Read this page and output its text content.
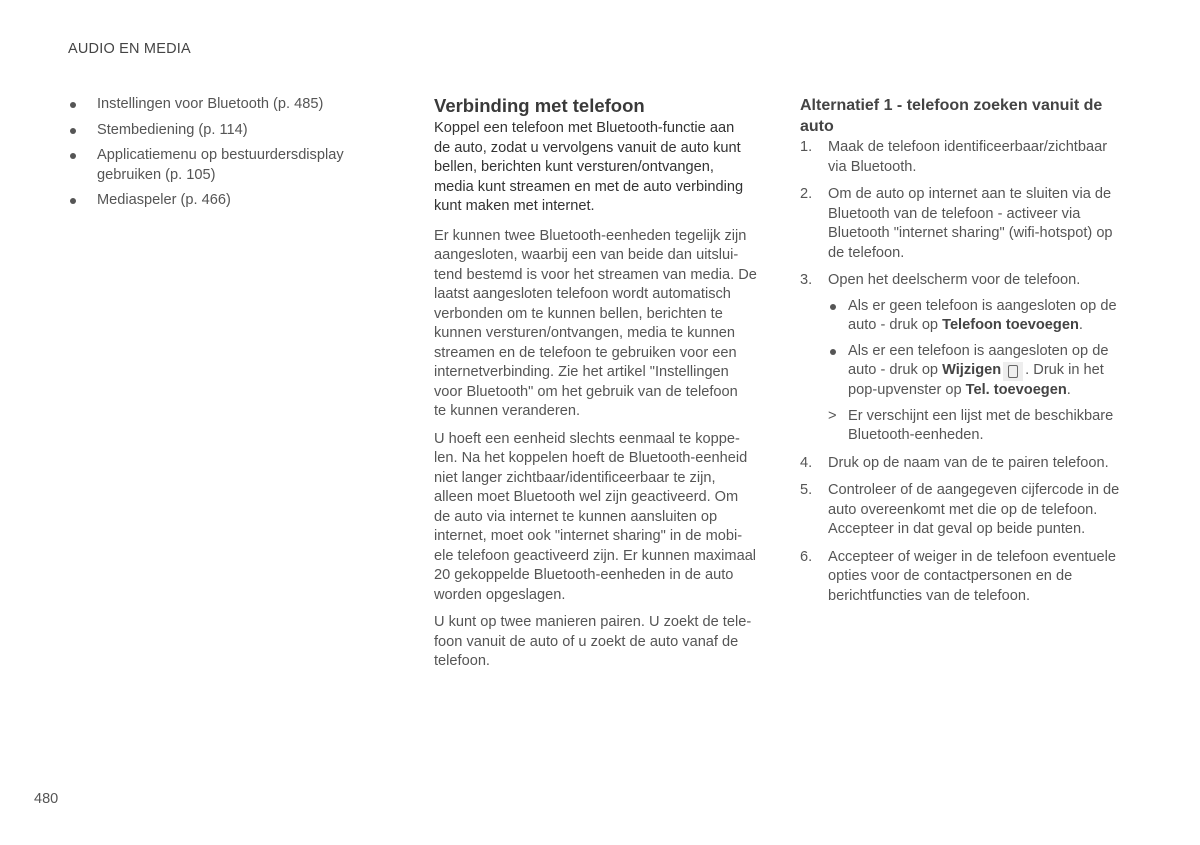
AUDIO EN MEDIA
Instellingen voor Bluetooth (p. 485)
Stembediening (p. 114)
Applicatiemenu op bestuurdersdisplay
gebruiken (p. 105)
Mediaspeler (p. 466)
Verbinding met telefoon
Koppel een telefoon met Bluetooth-functie aan
de auto, zodat u vervolgens vanuit de auto kunt
bellen, berichten kunt versturen/ontvangen,
media kunt streamen en met de auto verbinding
kunt maken met internet.

Er kunnen twee Bluetooth-eenheden tegelijk zijn
aangesloten, waarbij een van beide dan uitslui-
tend bestemd is voor het streamen van media. De
laatst aangesloten telefoon wordt automatisch
verbonden om te kunnen bellen, berichten te
kunnen versturen/ontvangen, media te kunnen
streamen en de telefoon te gebruiken voor een
internetverbinding. Zie het artikel "Instellingen
voor Bluetooth" om het gebruik van de telefoon
te kunnen veranderen.

U hoeft een eenheid slechts eenmaal te koppe-
len. Na het koppelen hoeft de Bluetooth-eenheid
niet langer zichtbaar/identificeerbaar te zijn,
alleen moet Bluetooth wel zijn geactiveerd. Om
de auto via internet te kunnen aansluiten op
internet, moet ook "internet sharing" in de mobi-
ele telefoon geactiveerd zijn. Er kunnen maximaal
20 gekoppelde Bluetooth-eenheden in de auto
worden opgeslagen.

U kunt op twee manieren pairen. U zoekt de tele-
foon vanuit de auto of u zoekt de auto vanaf de
telefoon.

Alternatief 1 - telefoon zoeken vanuit de
auto
1. Maak de telefoon identificeerbaar/zichtbaar
via Bluetooth.
2. Om de auto op internet aan te sluiten via de
Bluetooth van de telefoon - activeer via
Bluetooth "internet sharing" (wifi-hotspot) op
de telefoon.
3. Open het deelscherm voor de telefoon.
Als er geen telefoon is aangesloten op de
auto - druk op Telefoon toevoegen.
Als er een telefoon is aangesloten op de
auto - druk op Wijzigen . Druk in het
pop-upvenster op Tel. toevoegen.
> Er verschijnt een lijst met de beschikbare
Bluetooth-eenheden.
4. Druk op de naam van de te pairen telefoon.
5. Controleer of de aangegeven cijfercode in de
auto overeenkomt met die op de telefoon.
Accepteer in dat geval op beide punten.
6. Accepteer of weiger in de telefoon eventuele
opties voor de contactpersonen en de
berichtfuncties van de telefoon.
480
